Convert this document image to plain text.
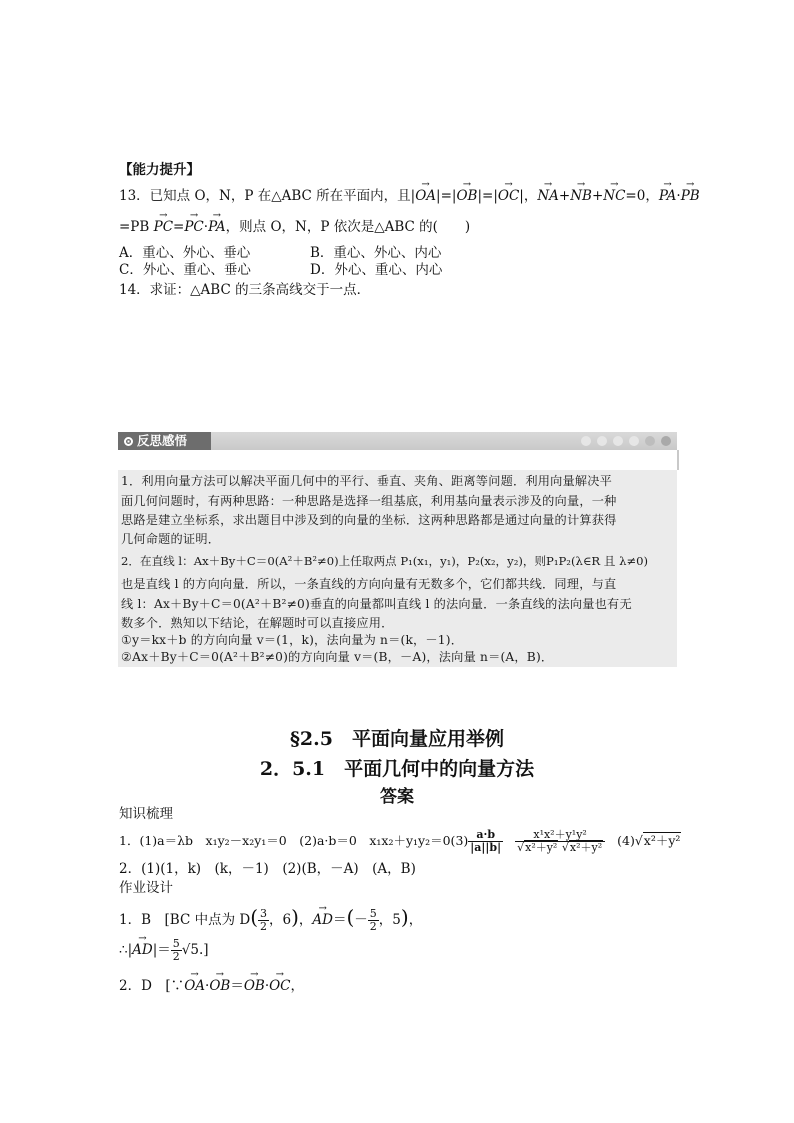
【能力提升】
13．已知点 O，N，P 在△ABC 所在平面内，且|→ OA|=|→ OB|=|→ OC|，→ NA+→ NB+→ NC=0，→ PA·→ PB
=PB → PC=→ PC·→ PA，则点 O，N，P 依次是△ABC 的(　　)
A．重心、外心、垂心	B．重心、外心、内心
C．外心、重心、垂心	D．外心、重心、内心
14．求证：△ABC 的三条高线交于一点．
反思感悟
1．利用向量方法可以解决平面几何中的平行、垂直、夹角、距离等问题．利用向量解决平
面几何问题时，有两种思路：一种思路是选择一组基底，利用基向量表示涉及的向量，一种
思路是建立坐标系，求出题目中涉及到的向量的坐标．这两种思路都是通过向量的计算获得
几何命题的证明．
2．在直线 l：Ax＋By＋C＝0(A²＋B²≠0)上任取两点 P₁(x₁，y₁)，P₂(x₂，y₂)，则P₁P₂(λ∈R 且 λ≠0)
也是直线 l 的方向向量．所以，一条直线的方向向量有无数多个，它们都共线．同理，与直
线 l：Ax＋By＋C＝0(A²＋B²≠0)垂直的向量都叫直线 l 的法向量．一条直线的法向量也有无
数多个．熟知以下结论，在解题时可以直接应用．
①y＝kx＋b 的方向向量 v＝(1，k)，法向量为 n＝(k，－1)．
②Ax＋By＋C＝0(A²＋B²≠0)的方向向量 v＝(B，－A)，法向量 n＝(A，B)．
§2.5　平面向量应用举例
2．5.1　平面几何中的向量方法
答案
知识梳理
1．(1)a＝λb　x₁y₂－x₂y₁＝0　(2)a·b＝0　$x_1x_2+y_1y_2=0(3) \frac{a\cdot b}{|a||b|}$
$\frac{\text{x¹x²＋y¹y²}}{\text{√x²＋y² √x²＋y²}} (4)√x^2+y^2$
2．(1)(1，k)　(k，－1)　(2)(B，－A)　(A，B)
作业设计
1．B　[BC 中点为 $D( \frac{3}{2}$ ，6)，→ $AD=(- \frac{5}{2}$ ，5)，
∴|→ $AD|= \frac{5}{2} √5$.]
2．D　[∵→ OA·→ OB＝→ OB·→ OC，
